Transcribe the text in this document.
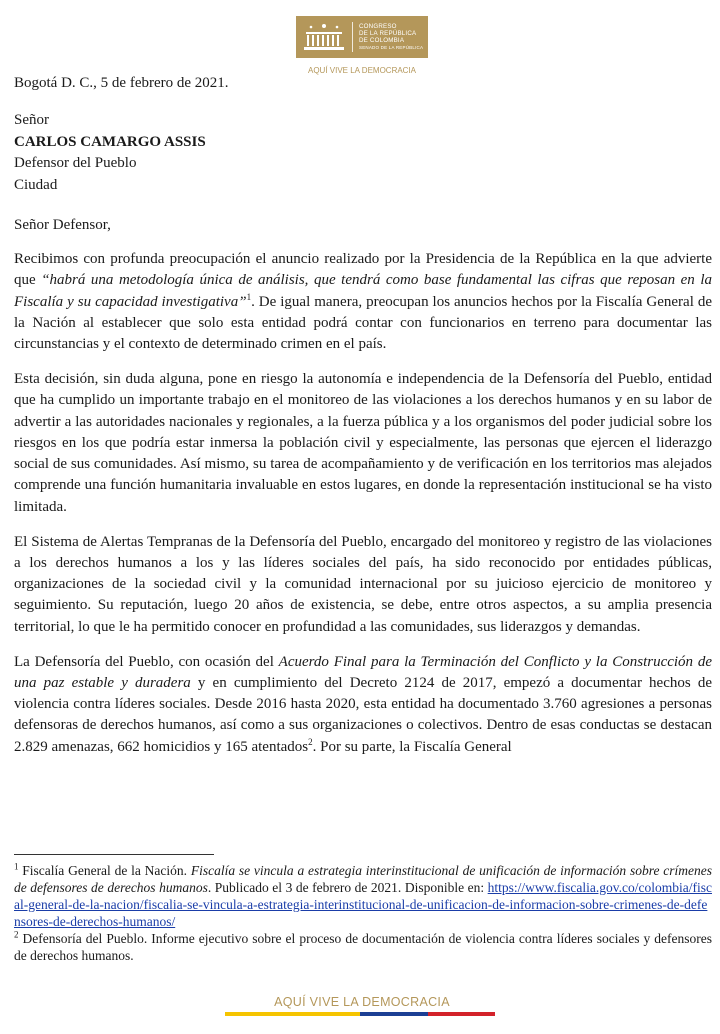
CONGRESO
DE LA REPÚBLICA
DE COLOMBIA
SENADO DE LA REPÚBLICA
AQUÍ VIVE LA DEMOCRACIA
Bogotá D. C., 5 de febrero de 2021.
Señor
CARLOS CAMARGO ASSIS
Defensor del Pueblo
Ciudad
Señor Defensor,

Recibimos con profunda preocupación el anuncio realizado por la Presidencia de la República en la que advierte que “habrá una metodología única de análisis, que tendrá como base fundamental las cifras que reposan en la Fiscalía y su capacidad investigativa”$^1$. De igual manera, preocupan los anuncios hechos por la Fiscalía General de la Nación al establecer que solo esta entidad podrá contar con funcionarios en terreno para documentar las circunstancias y el contexto de determinado crimen en el país.

Esta decisión, sin duda alguna, pone en riesgo la autonomía e independencia de la Defensoría del Pueblo, entidad que ha cumplido un importante trabajo en el monitoreo de las violaciones a los derechos humanos y en su labor de advertir a las autoridades nacionales y regionales, a la fuerza pública y a los organismos del poder judicial sobre los riesgos en los que podría estar inmersa la población civil y especialmente, las personas que ejercen el liderazgo social de sus comunidades. Así mismo, su tarea de acompañamiento y de verificación en los territorios mas alejados comprende una función humanitaria invaluable en estos lugares, en donde la representación institucional se ha visto limitada.

El Sistema de Alertas Tempranas de la Defensoría del Pueblo, encargado del monitoreo y registro de las violaciones a los derechos humanos a los y las líderes sociales del país, ha sido reconocido por entidades públicas, organizaciones de la sociedad civil y la comunidad internacional por su juicioso ejercicio de monitoreo y seguimiento. Su reputación, luego 20 años de existencia, se debe, entre otros aspectos, a su amplia presencia territorial, lo que le ha permitido conocer en profundidad a las comunidades, sus liderazgos y demandas.

La Defensoría del Pueblo, con ocasión del Acuerdo Final para la Terminación del Conflicto y la Construcción de una paz estable y duradera y en cumplimiento del Decreto 2124 de 2017, empezó a documentar hechos de violencia contra líderes sociales. Desde 2016 hasta 2020, esta entidad ha documentado 3.760 agresiones a personas defensoras de derechos humanos, así como a sus organizaciones o colectivos. Dentro de esas conductas se destacan 2.829 amenazas, 662 homicidios y 165 atentados$^2$. Por su parte, la Fiscalía General

$^1$ Fiscalía General de la Nación. Fiscalía se vincula a estrategia interinstitucional de unificación de información sobre crímenes de defensores de derechos humanos. Publicado el 3 de febrero de 2021. Disponible en: https://www.fiscalia.gov.co/colombia/fiscal-general-de-la-nacion/fiscalia-se-vincula-a-estrategia-interinstitucional-de-unificacion-de-informacion-sobre-crimenes-de-defensores-de-derechos-humanos/

$^2$ Defensoría del Pueblo. Informe ejecutivo sobre el proceso de documentación de violencia contra líderes sociales y defensores de derechos humanos.

AQUÍ VIVE LA DEMOCRACIA
